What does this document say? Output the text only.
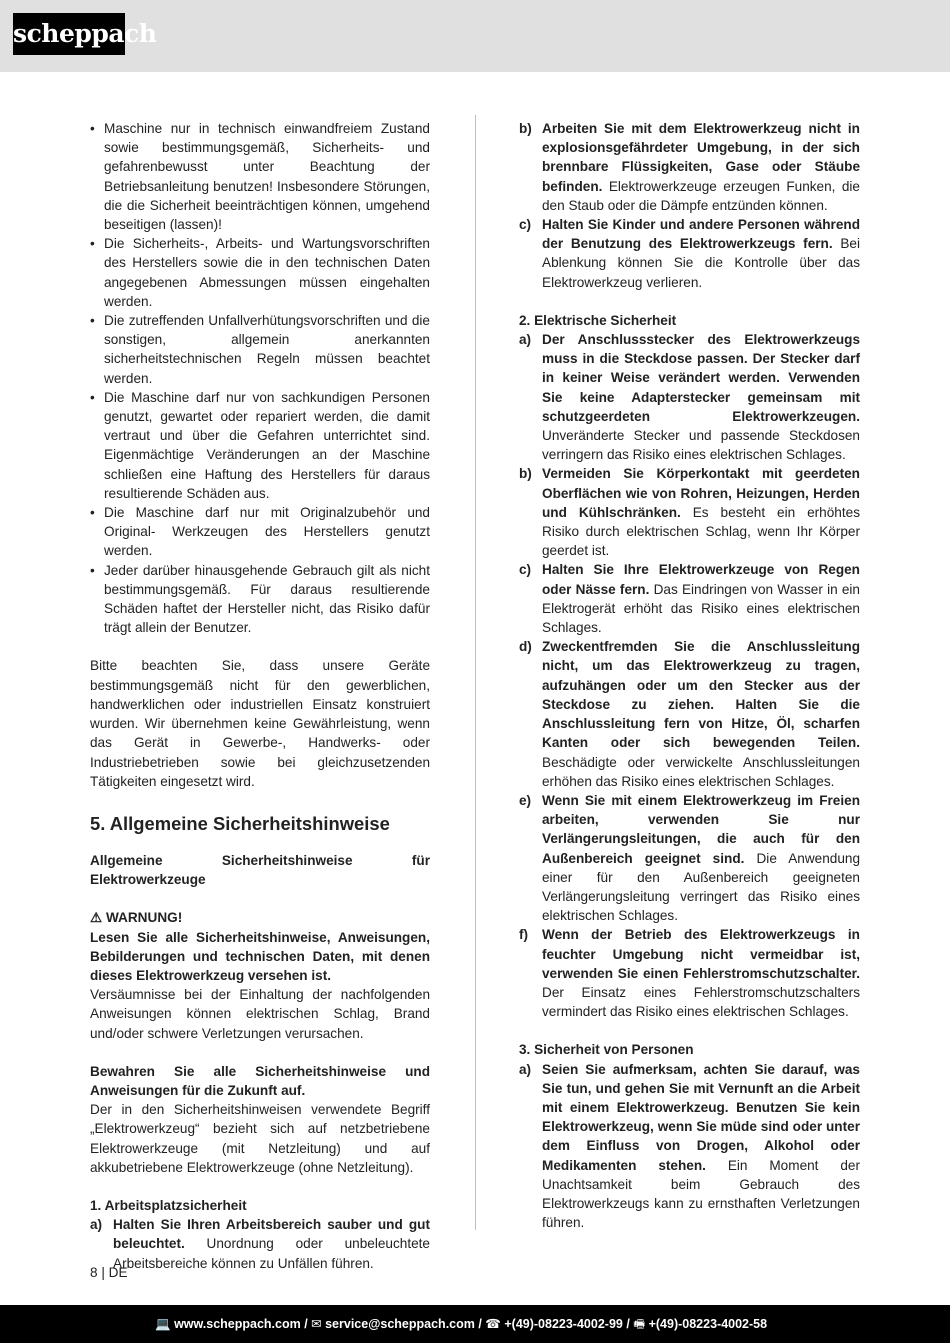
scheppach
• Maschine nur in technisch einwandfreiem Zustand sowie bestimmungsgemäß, Sicherheits- und gefahrenbewusst unter Beachtung der Betriebsanleitung benutzen! Insbesondere Störungen, die die Sicherheit beeinträchtigen können, umgehend beseitigen (lassen)!
• Die Sicherheits-, Arbeits- und Wartungsvorschriften des Herstellers sowie die in den technischen Daten angegebenen Abmessungen müssen eingehalten werden.
• Die zutreffenden Unfallverhütungsvorschriften und die sonstigen, allgemein anerkannten sicherheitstechnischen Regeln müssen beachtet werden.
• Die Maschine darf nur von sachkundigen Personen genutzt, gewartet oder repariert werden, die damit vertraut und über die Gefahren unterrichtet sind. Eigenmächtige Veränderungen an der Maschine schließen eine Haftung des Herstellers für daraus resultierende Schäden aus.
• Die Maschine darf nur mit Originalzubehör und Original- Werkzeugen des Herstellers genutzt werden.
• Jeder darüber hinausgehende Gebrauch gilt als nicht bestimmungsgemäß. Für daraus resultierende Schäden haftet der Hersteller nicht, das Risiko dafür trägt allein der Benutzer.

Bitte beachten Sie, dass unsere Geräte bestimmungsgemäß nicht für den gewerblichen, handwerklichen oder industriellen Einsatz konstruiert wurden. Wir übernehmen keine Gewährleistung, wenn das Gerät in Gewerbe-, Handwerks- oder Industriebetrieben sowie bei gleichzusetzenden Tätigkeiten eingesetzt wird.

5. Allgemeine Sicherheitshinweise

Allgemeine Sicherheitshinweise für Elektrowerkzeuge

⚠ WARNUNG!

Lesen Sie alle Sicherheitshinweise, Anweisungen, Bebilderungen und technischen Daten, mit denen dieses Elektrowerkzeug versehen ist.

Versäumnisse bei der Einhaltung der nachfolgenden Anweisungen können elektrischen Schlag, Brand und/oder schwere Verletzungen verursachen.

Bewahren Sie alle Sicherheitshinweise und Anweisungen für die Zukunft auf.

Der in den Sicherheitshinweisen verwendete Begriff „Elektrowerkzeug“ bezieht sich auf netzbetriebene Elektrowerkzeuge (mit Netzleitung) und auf akkubetriebene Elektrowerkzeuge (ohne Netzleitung).

1. Arbeitsplatzsicherheit

a) Halten Sie Ihren Arbeitsbereich sauber und gut beleuchtet. Unordnung oder unbeleuchtete Arbeitsbereiche können zu Unfällen führen.
b) Arbeiten Sie mit dem Elektrowerkzeug nicht in explosionsgefährdeter Umgebung, in der sich brennbare Flüssigkeiten, Gase oder Stäube befinden. Elektrowerkzeuge erzeugen Funken, die den Staub oder die Dämpfe entzünden können.
c) Halten Sie Kinder und andere Personen während der Benutzung des Elektrowerkzeugs fern. Bei Ablenkung können Sie die Kontrolle über das Elektrowerkzeug verlieren.

2. Elektrische Sicherheit

a) Der Anschlussstecker des Elektrowerkzeugs muss in die Steckdose passen. Der Stecker darf in keiner Weise verändert werden. Verwenden Sie keine Adapterstecker gemeinsam mit schutzgeerdeten Elektrowerkzeugen. Unveränderte Stecker und passende Steckdosen verringern das Risiko eines elektrischen Schlages.
b) Vermeiden Sie Körperkontakt mit geerdeten Oberflächen wie von Rohren, Heizungen, Herden und Kühlschränken. Es besteht ein erhöhtes Risiko durch elektrischen Schlag, wenn Ihr Körper geerdet ist.
c) Halten Sie Ihre Elektrowerkzeuge von Regen oder Nässe fern. Das Eindringen von Wasser in ein Elektrogerät erhöht das Risiko eines elektrischen Schlages.
d) Zweckentfremden Sie die Anschlussleitung nicht, um das Elektrowerkzeug zu tragen, aufzuhängen oder um den Stecker aus der Steckdose zu ziehen. Halten Sie die Anschlussleitung fern von Hitze, Öl, scharfen Kanten oder sich bewegenden Teilen. Beschädigte oder verwickelte Anschlussleitungen erhöhen das Risiko eines elektrischen Schlages.
e) Wenn Sie mit einem Elektrowerkzeug im Freien arbeiten, verwenden Sie nur Verlängerungsleitungen, die auch für den Außenbereich geeignet sind. Die Anwendung einer für den Außenbereich geeigneten Verlängerungsleitung verringert das Risiko eines elektrischen Schlages.
f) Wenn der Betrieb des Elektrowerkzeugs in feuchter Umgebung nicht vermeidbar ist, verwenden Sie einen Fehlerstromschutzschalter. Der Einsatz eines Fehlerstromschutzschalters vermindert das Risiko eines elektrischen Schlages.

3. Sicherheit von Personen

a) Seien Sie aufmerksam, achten Sie darauf, was Sie tun, und gehen Sie mit Vernunft an die Arbeit mit einem Elektrowerkzeug. Benutzen Sie kein Elektrowerkzeug, wenn Sie müde sind oder unter dem Einfluss von Drogen, Alkohol oder Medikamenten stehen. Ein Moment der Unachtsamkeit beim Gebrauch des Elektrowerkzeugs kann zu ernsthaften Verletzungen führen.
8 | DE
💻 www.scheppach.com / ✉ service@scheppach.com / ☎ +(49)-08223-4002-99 / 🖷 +(49)-08223-4002-58
